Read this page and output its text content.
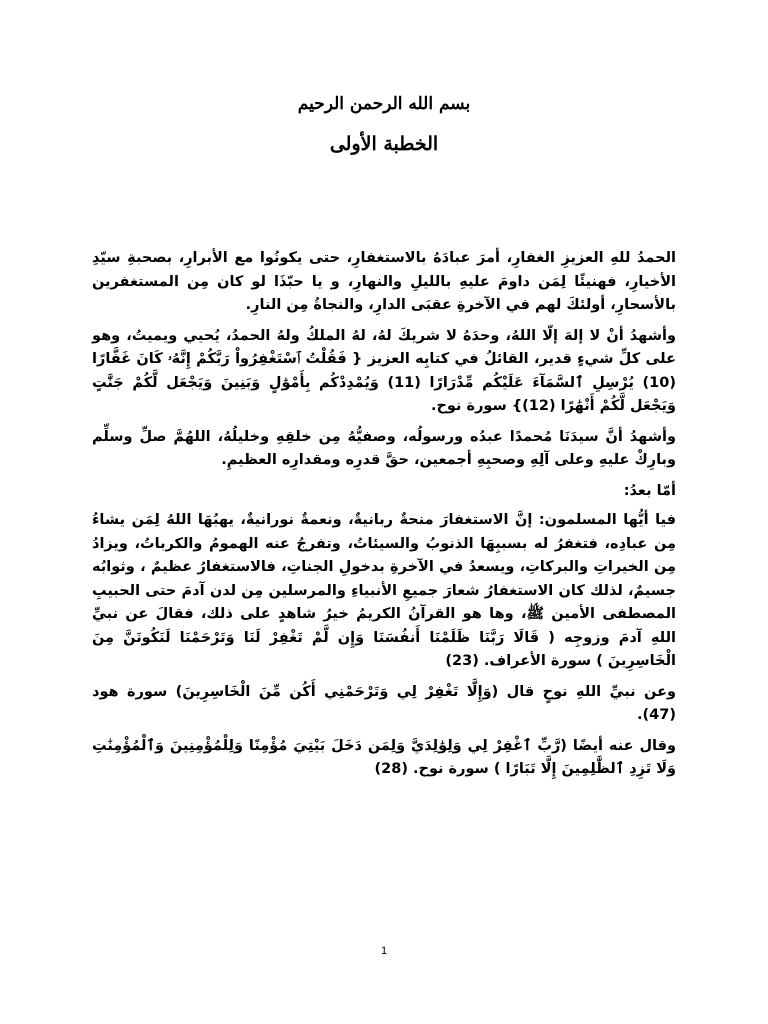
بسم الله الرحمن الرحيم

الخطبة الأولى

الحمدُ للهِ العزيزِ الغفارِ، أمرَ عبادَهُ بالاستغفارِ، حتى يكونُوا مع الأبرارِ، بصحبةِ سيّدِ الأخيارِ، فهنيئًا لِمَن داومَ عليهِ بالليلِ والنهارِ، و يا حبّذَا لو كان مِن المستغفرين بالأسحارِ، أولئكَ لهم في الآخرةِ عقبَى الدارِ، والنجاةُ مِن النارِ.

وأشهدُ أنْ لا إلهَ إلّا اللهُ، وحدَهُ لا شريكَ لهُ، لهُ الملكُ ولهُ الحمدُ، يُحيي ويميتُ، وهو على كلِّ شيءٍ قدير، القائلُ في كتابِه العزيز { فَقُلْتُ ٱسْتَغْفِرُواْ رَبَّكُمْ إِنَّهُۥ كَانَ غَفَّارًا (10) يُرْسِلِ ٱلسَّمَآءَ عَلَيْكُم مِّدْرَارًا (11) وَيُمْدِدْكُم بِأَمْوَٰلٍ وَبَنِينَ وَيَجْعَل لَّكُمْ جَنَّٰتٍ وَيَجْعَل لَّكُمْ أَنْهَٰرًا (12)} سورة نوح.

وأشهدُ أنَّ سيدَنَا مُحمدًا عبدُه ورسولُه، وصفيُّهُ مِن خلقِهِ وخليلُهُ، اللهُمَّ صلِّ وسلِّم وبارِكْ عليهِ وعلى آلِهِ وصحبِهِ أجمعين، حقَّ قدرِه ومقدارِه العظيمِ.

أمّا بعدُ:

فيا أيُّها المسلمون: إنَّ الاستغفارَ منحةٌ ربانيةٌ، ونعمةٌ نورانيةٌ، يهبُهَا اللهُ لِمَن يشاءُ مِن عبادِه، فتغفرُ له بسببِهَا الذنوبُ والسيئاتُ، وتفرجُ عنه الهمومُ والكرباتُ، ويزادُ مِن الخيراتِ والبركاتِ، ويسعدُ في الآخرةِ بدخولِ الجناتِ، فالاستغفارُ عظيمٌ ، وثوابُه جسيمٌ، لذلك كان الاستغفارُ شعارَ جميعِ الأنبياءِ والمرسلين مِن لدن آدمَ حتى الحبيبِ المصطفى الأمين ﷺ، وها هو القرآنُ الكريمُ خيرُ شاهدٍ على ذلك، فقالَ عن نبيِّ اللهِ آدمَ وزوجِه ( قَالَا رَبَّنَا ظَلَمْنَا أَنفُسَنَا وَإِن لَّمْ تَغْفِرْ لَنَا وَتَرْحَمْنَا لَنَكُونَنَّ مِنَ الْخَاسِرِينَ ) سورة الأعراف. (23)

وعن نبيِّ اللهِ نوحٍ قال (وَإِلَّا تَغْفِرْ لِي وَتَرْحَمْنِي أَكُن مِّنَ الْخَاسِرِينَ) سورة هود (47).

وقال عنه أيضًا (رَّبِّ ٱغْفِرْ لِي وَلِوَٰلِدَيَّ وَلِمَن دَخَلَ بَيْتِيَ مُؤْمِنًا وَلِلْمُؤْمِنِينَ وَٱلْمُؤْمِنَٰتِ وَلَا تَزِدِ ٱلظَّٰلِمِينَ إِلَّا تَبَارًا ) سورة نوح. (28)

1
